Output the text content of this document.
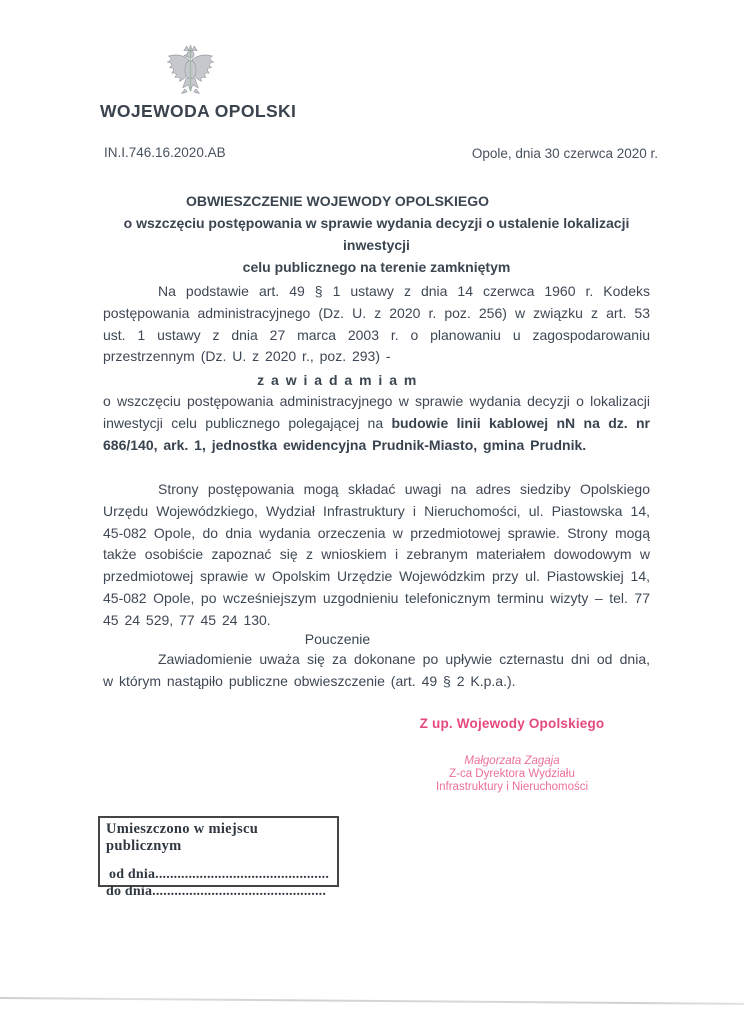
WOJEWODA OPOLSKI
IN.I.746.16.2020.AB	Opole, dnia 30 czerwca 2020 r.
OBWIESZCZENIE WOJEWODY OPOLSKIEGO
o wszczęciu postępowania w sprawie wydania decyzji o ustalenie lokalizacji inwestycji
celu publicznego na terenie zamkniętym

Na podstawie art. 49 § 1 ustawy z dnia 14 czerwca 1960 r. Kodeks postępowania administracyjnego (Dz. U. z 2020 r. poz. 256) w związku z art. 53 ust. 1 ustawy z dnia 27 marca 2003 r. o planowaniu u zagospodarowaniu przestrzennym (Dz. U. z 2020 r., poz. 293) -

z a w i a d a m i a m

o wszczęciu postępowania administracyjnego w sprawie wydania decyzji o lokalizacji inwestycji celu publicznego polegającej na budowie linii kablowej nN na dz. nr 686/140, ark. 1, jednostka ewidencyjna Prudnik-Miasto, gmina Prudnik.

Strony postępowania mogą składać uwagi na adres siedziby Opolskiego Urzędu Wojewódzkiego, Wydział Infrastruktury i Nieruchomości, ul. Piastowska 14, 45-082 Opole, do dnia wydania orzeczenia w przedmiotowej sprawie. Strony mogą także osobiście zapoznać się z wnioskiem i zebranym materiałem dowodowym w przedmiotowej sprawie w Opolskim Urzędzie Wojewódzkim przy ul. Piastowskiej 14, 45-082 Opole, po wcześniejszym uzgodnieniu telefonicznym terminu wizyty – tel. 77 45 24 529, 77 45 24 130.

Pouczenie

Zawiadomienie uważa się za dokonane po upływie czternastu dni od dnia, w którym nastąpiło publiczne obwieszczenie (art. 49 § 2 K.p.a.).

Z up. Wojewody Opolskiego
Małgorzata Zagaja
Z-ca Dyrektora Wydziału
Infrastruktury i Nieruchomości
Umieszczono w miejscu publicznym
od dnia...............................................
do dnia...............................................
